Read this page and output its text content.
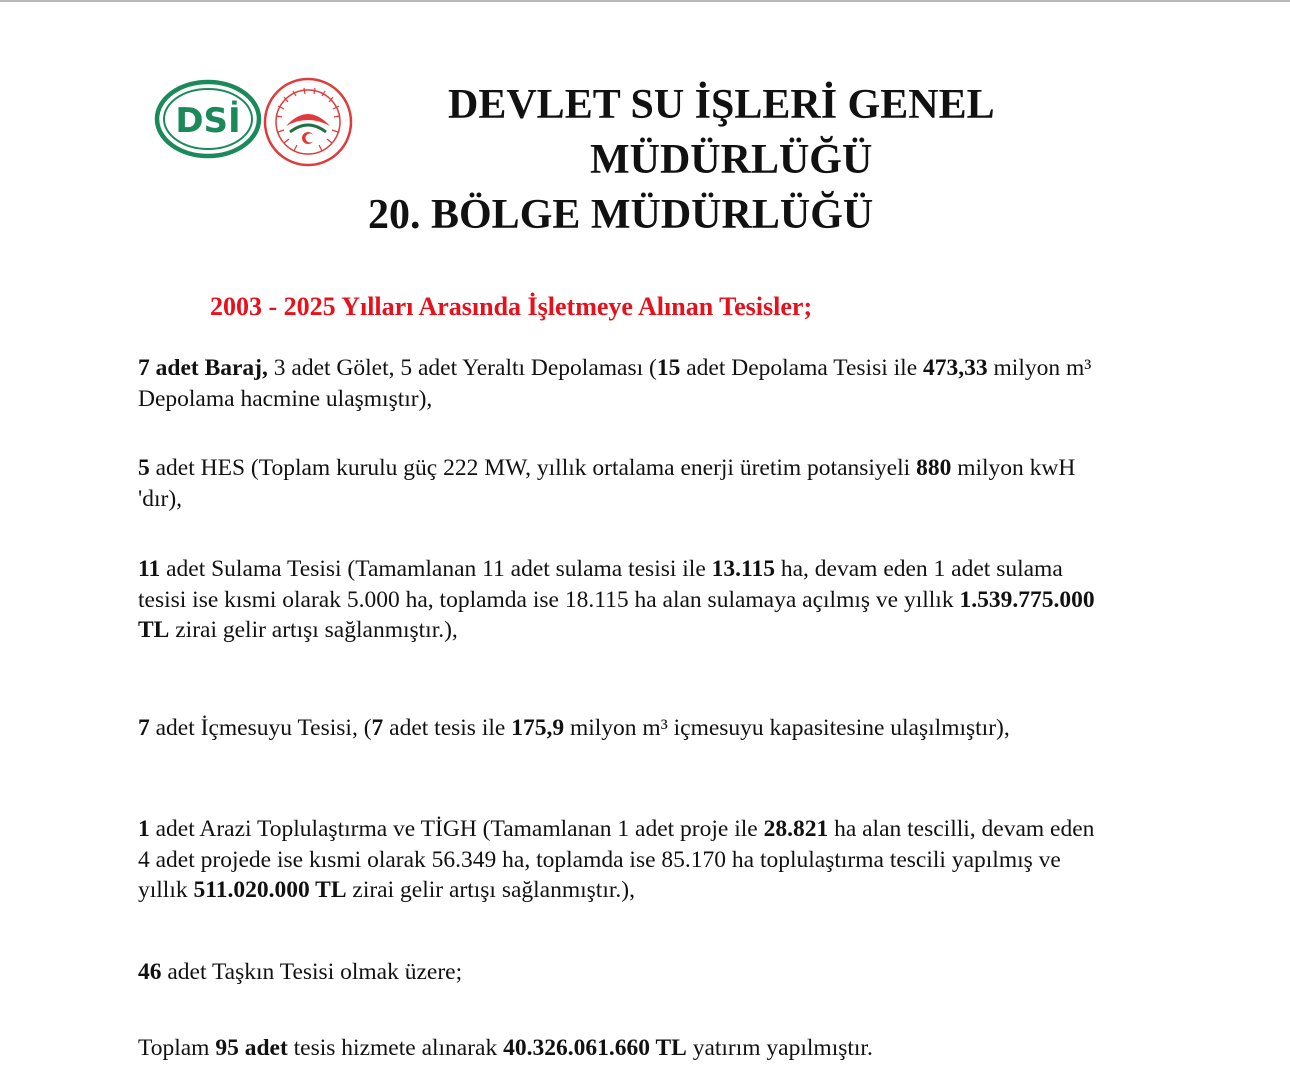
DSİ	DEVLET SU İŞLERİ GENEL
MÜDÜRLÜĞÜ
20. BÖLGE MÜDÜRLÜĞÜ
2003 - 2025 Yılları Arasında İşletmeye Alınan Tesisler;
7 adet Baraj, 3 adet Gölet, 5 adet Yeraltı Depolaması (15 adet Depolama Tesisi ile 473,33 milyon m³ Depolama hacmine ulaşmıştır),
5 adet HES (Toplam kurulu güç 222 MW, yıllık ortalama enerji üretim potansiyeli 880 milyon kwH 'dır),
11 adet Sulama Tesisi (Tamamlanan 11 adet sulama tesisi ile 13.115 ha, devam eden 1 adet sulama tesisi ise kısmi olarak 5.000 ha, toplamda ise 18.115 ha alan sulamaya açılmış ve yıllık 1.539.775.000 TL zirai gelir artışı sağlanmıştır.),
7 adet İçmesuyu Tesisi, (7 adet tesis ile 175,9 milyon m³ içmesuyu kapasitesine ulaşılmıştır),
1 adet Arazi Toplulaştırma ve TİGH (Tamamlanan 1 adet proje ile 28.821 ha alan tescilli, devam eden 4 adet projede ise kısmi olarak 56.349 ha, toplamda ise 85.170 ha toplulaştırma tescili yapılmış ve yıllık 511.020.000 TL zirai gelir artışı sağlanmıştır.),
46 adet Taşkın Tesisi olmak üzere;
Toplam 95 adet tesis hizmete alınarak 40.326.061.660 TL yatırım yapılmıştır.
